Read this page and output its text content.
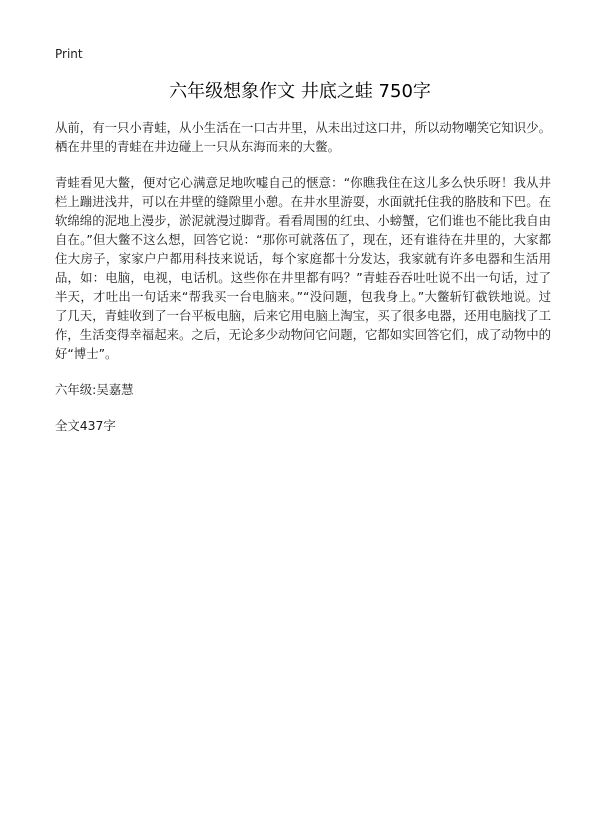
Print
六年级想象作文 井底之蛙 750字

从前，有一只小青蛙，从小生活在一口古井里，从未出过这口井，所以动物嘲笑它知识少。栖在井里的青蛙在井边碰上一只从东海而来的大鳖。

青蛙看见大鳖，便对它心满意足地吹嘘自己的惬意：“你瞧我住在这儿多么快乐呀！我从井栏上蹦进浅井，可以在井壁的缝隙里小憩。在井水里游耍，水面就托住我的胳肢和下巴。在软绵绵的泥地上漫步，淤泥就漫过脚背。看看周围的红虫、小螃蟹，它们谁也不能比我自由自在。”但大鳖不这么想，回答它说：“那你可就落伍了，现在，还有谁待在井里的，大家都住大房子，家家户户都用科技来说话，每个家庭都十分发达，我家就有许多电器和生活用品，如：电脑，电视，电话机。这些你在井里都有吗？”青蛙吞吞吐吐说不出一句话，过了半天，才吐出一句话来“帮我买一台电脑来。”“没问题，包我身上。”大鳖斩钉截铁地说。过了几天，青蛙收到了一台平板电脑，后来它用电脑上淘宝，买了很多电器，还用电脑找了工作，生活变得幸福起来。之后，无论多少动物问它问题，它都如实回答它们，成了动物中的好“博士”。

六年级:吴嘉慧
全文437字
